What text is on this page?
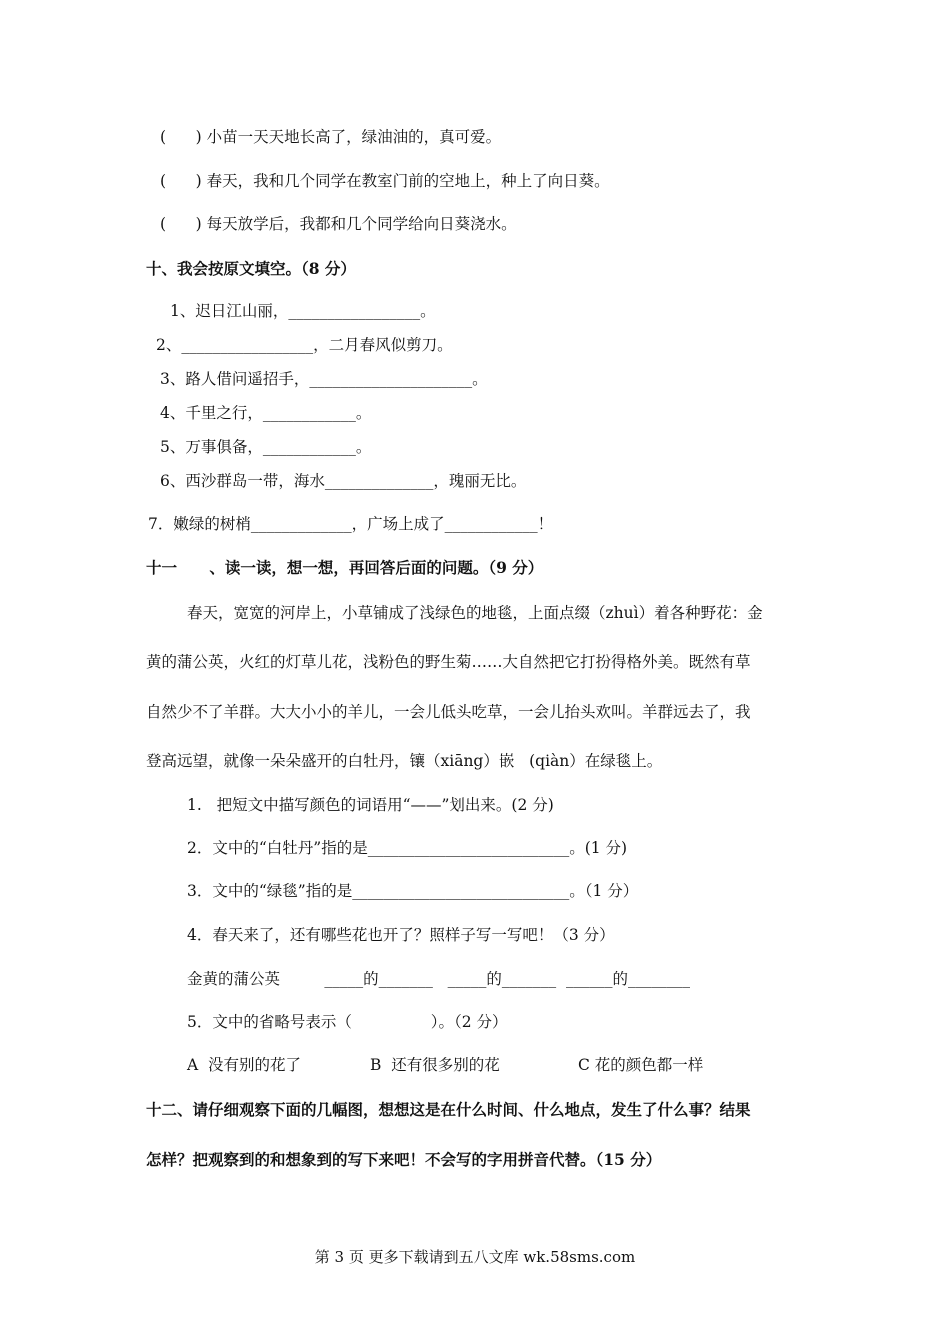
(      ) 小苗一天天地长高了，绿油油的，真可爱。
(      ) 春天，我和几个同学在教室门前的空地上，种上了向日葵。
(      ) 每天放学后，我都和几个同学给向日葵浇水。
十、我会按原文填空。（8 分）
1、迟日江山丽，_________________。
2、_________________，二月春风似剪刀。
3、路人借问遥招手，_____________________。
4、千里之行，____________。
5、万事俱备，____________。
6、西沙群岛一带，海水______________，瑰丽无比。
7．嫩绿的树梢_____________，广场上成了____________！
十一      、读一读，想一想，再回答后面的问题。（9 分）
春天，宽宽的河岸上，小草铺成了浅绿色的地毯，上面点缀（zhuì）着各种野花：金
黄的蒲公英，火红的灯草儿花，浅粉色的野生菊……大自然把它打扮得格外美。既然有草
自然少不了羊群。大大小小的羊儿，一会儿低头吃草，一会儿抬头欢叫。羊群远去了，我
登高远望，就像一朵朵盛开的白牡丹，镶（xiāng）嵌   (qiàn）在绿毯上。
1.   把短文中描写颜色的词语用“——”划出来。(2 分)
2．文中的“白牡丹”指的是__________________________。(1 分)
3．文中的“绿毯”指的是____________________________。（1 分）
4．春天来了，还有哪些花也开了？照样子写一写吧！（3 分）
金黄的蒲公英         _____的_______   _____的_______  ______的________
5．文中的省略号表示（                ）。（2 分）
A  没有别的花了	B  还有很多别的花	C 花的颜色都一样
十二、请仔细观察下面的几幅图，想想这是在什么时间、什么地点，发生了什么事？结果
怎样？把观察到的和想象到的写下来吧！不会写的字用拼音代替。（15 分）
第 3 页 更多下载请到五八文库 wk.58sms.com
